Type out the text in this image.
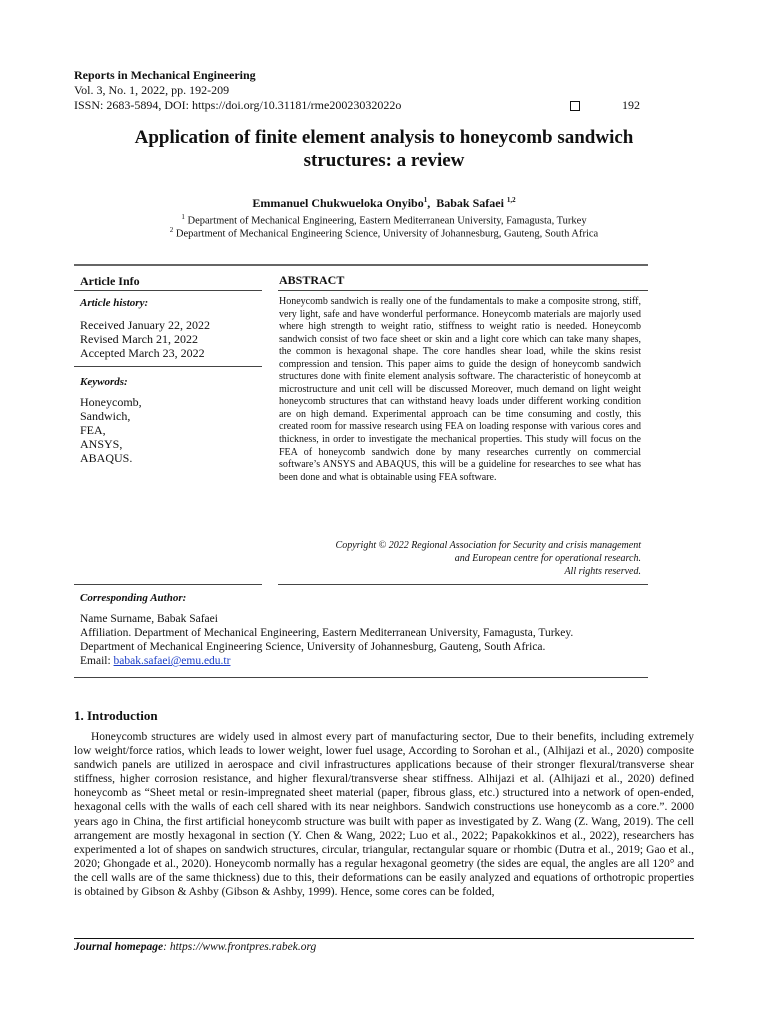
Reports in Mechanical Engineering
Vol. 3, No. 1, 2022, pp. 192-209
ISSN: 2683-5894, DOI: https://doi.org/10.31181/rme20023032022o	192
Application of finite element analysis to honeycomb sandwich
structures: a review
Emmanuel Chukwueloka Onyibo$^1$,  Babak Safaei $^{1,2}$
$^1$ Department of Mechanical Engineering, Eastern Mediterranean University, Famagusta, Turkey
$^2$ Department of Mechanical Engineering Science, University of Johannesburg, Gauteng, South Africa
Article Info
Article history:
Received January 22, 2022
Revised March 21, 2022
Accepted March 23, 2022
Keywords:
Honeycomb,
Sandwich,
FEA,
ANSYS,
ABAQUS.
ABSTRACT
Honeycomb sandwich is really one of the fundamentals to make a composite strong, stiff, very light, safe and have wonderful performance. Honeycomb materials are majorly used where high strength to weight ratio, stiffness to weight ratio is needed. Honeycomb sandwich consist of two face sheet or skin and a light core which can take many shapes, the common is hexagonal shape. The core handles shear load, while the skins resist compression and tension. This paper aims to guide the design of honeycomb sandwich structures done with finite element analysis software. The characteristic of honeycomb at microstructure and unit cell will be discussed Moreover, much demand on light weight honeycomb structures that can withstand heavy loads under different working condition are on high demand. Experimental approach can be time consuming and costly, this created room for massive research using FEA on loading response with various cores and thickness, in order to investigate the mechanical properties. This study will focus on the FEA of honeycomb sandwich done by many researches currently on commercial software’s ANSYS and ABAQUS, this will be a guideline for researches to see what has been done and what is obtainable using FEA software.
Copyright © 2022 Regional Association for Security and crisis management
and European centre for operational research.
All rights reserved.
Corresponding Author:
Name Surname, Babak Safaei
Affiliation. Department of Mechanical Engineering, Eastern Mediterranean University, Famagusta, Turkey.
Department of Mechanical Engineering Science, University of Johannesburg, Gauteng, South Africa.
Email: babak.safaei@emu.edu.tr
1. Introduction
Honeycomb structures are widely used in almost every part of manufacturing sector, Due to their benefits, including extremely low weight/force ratios, which leads to lower weight, lower fuel usage, According to Sorohan et al., (Alhijazi et al., 2020) composite sandwich panels are utilized in aerospace and civil infrastructures applications because of their stronger flexural/transverse shear stiffness, higher corrosion resistance, and higher flexural/transverse shear stiffness. Alhijazi et al. (Alhijazi et al., 2020) defined honeycomb as “Sheet metal or resin-impregnated sheet material (paper, fibrous glass, etc.) structured into a network of open-ended, hexagonal cells with the walls of each cell shared with its near neighbors. Sandwich constructions use honeycomb as a core.”. 2000 years ago in China, the first artificial honeycomb structure was built with paper as investigated by Z. Wang (Z. Wang, 2019). The cell arrangement are mostly hexagonal in section (Y. Chen & Wang, 2022; Luo et al., 2022; Papakokkinos et al., 2022), researchers has experimented a lot of shapes on sandwich structures, circular, triangular, rectangular square or rhombic (Dutra et al., 2019; Gao et al., 2020; Ghongade et al., 2020). Honeycomb normally has a regular hexagonal geometry (the sides are equal, the angles are all 120° and the cell walls are of the same thickness) due to this, their deformations can be easily analyzed and equations of orthotropic properties is obtained by Gibson & Ashby (Gibson & Ashby, 1999). Hence, some cores can be folded,
Journal homepage: https://www.frontpres.rabek.org
